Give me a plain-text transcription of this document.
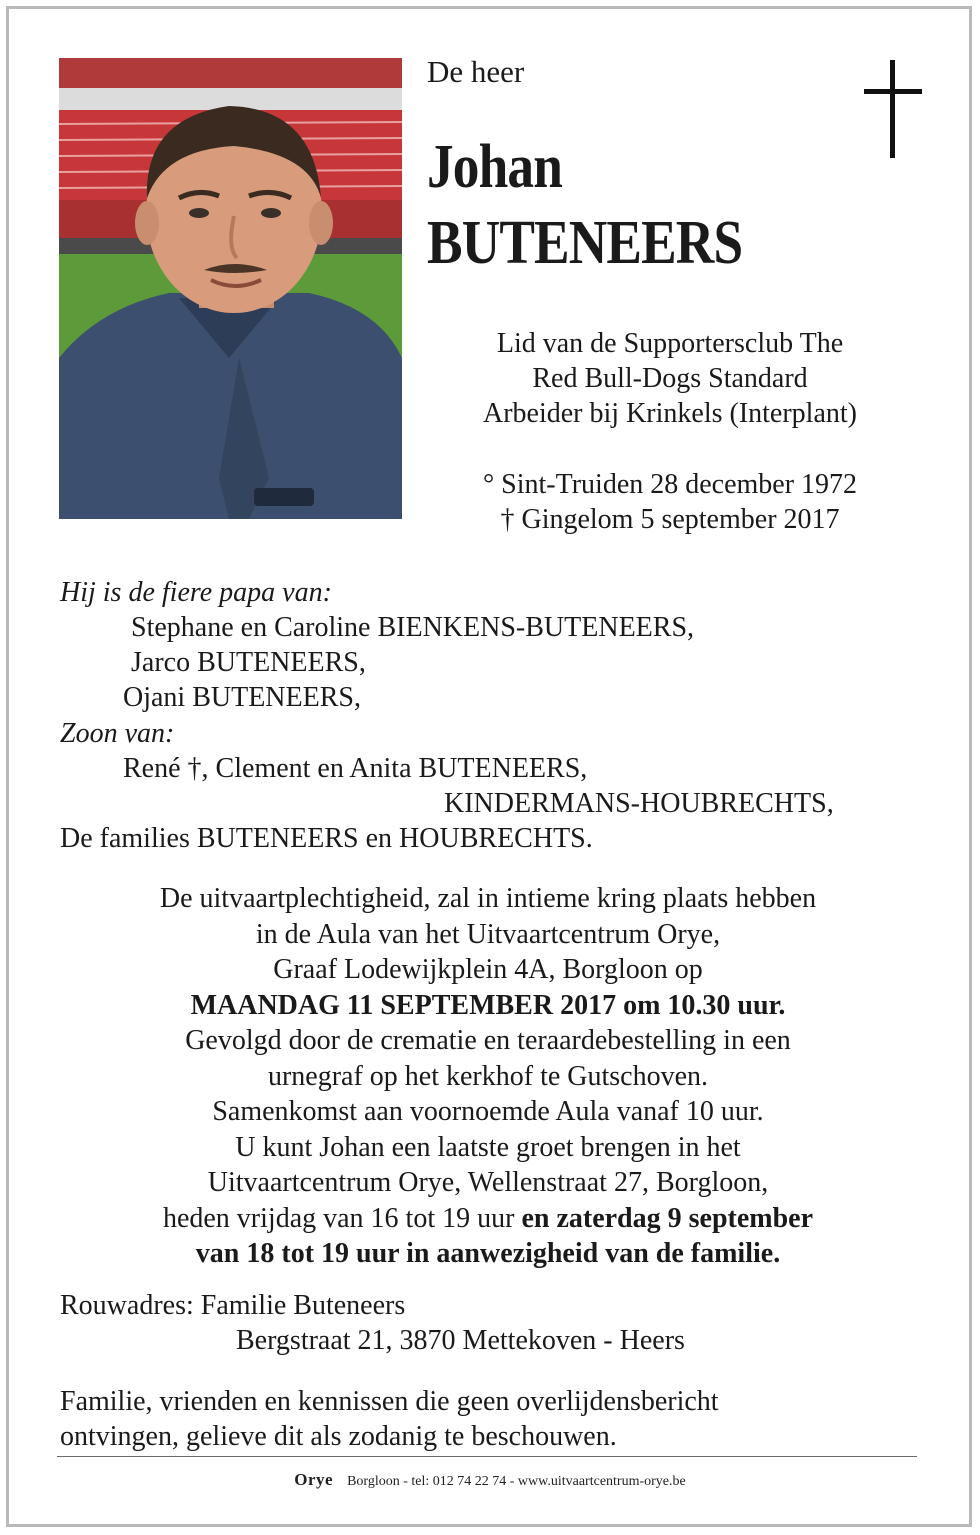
De heer
Johan
BUTENEERS
Lid van de Supportersclub The
Red Bull-Dogs Standard
Arbeider bij Krinkels (Interplant)
° Sint-Truiden 28 december 1972
† Gingelom 5 september 2017
Hij is de fiere papa van:
Stephane en Caroline BIENKENS-BUTENEERS,
Jarco BUTENEERS,
Ojani BUTENEERS,
Zoon van:
René †, Clement en Anita BUTENEERS,
KINDERMANS-HOUBRECHTS,
De families BUTENEERS en HOUBRECHTS.
De uitvaartplechtigheid, zal in intieme kring plaats hebben
in de Aula van het Uitvaartcentrum Orye,
Graaf Lodewijkplein 4A, Borgloon op
MAANDAG 11 SEPTEMBER 2017 om 10.30 uur.
Gevolgd door de crematie en teraardebestelling in een
urnegraf op het kerkhof te Gutschoven.
Samenkomst aan voornoemde Aula vanaf 10 uur.
U kunt Johan een laatste groet brengen in het
Uitvaartcentrum Orye, Wellenstraat 27, Borgloon,
heden vrijdag van 16 tot 19 uur en zaterdag 9 september
van 18 tot 19 uur in aanwezigheid van de familie.
Rouwadres: Familie Buteneers
Bergstraat 21, 3870 Mettekoven - Heers
Familie, vrienden en kennissen die geen overlijdensbericht
ontvingen, gelieve dit als zodanig te beschouwen.
Orye Borgloon - tel: 012 74 22 74 - www.uitvaartcentrum-orye.be
